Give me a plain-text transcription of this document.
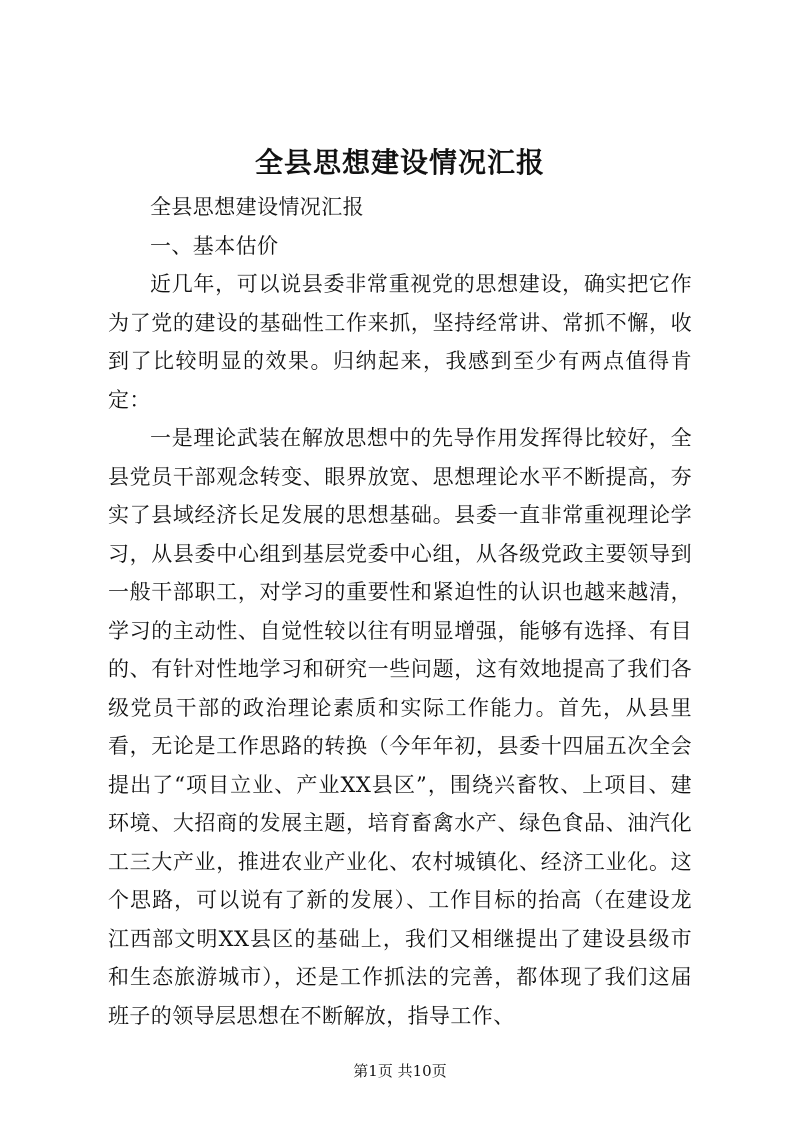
全县思想建设情况汇报

全县思想建设情况汇报

一、基本估价

近几年，可以说县委非常重视党的思想建设，确实把它作为了党的建设的基础性工作来抓，坚持经常讲、常抓不懈，收到了比较明显的效果。归纳起来，我感到至少有两点值得肯定：

一是理论武装在解放思想中的先导作用发挥得比较好，全县党员干部观念转变、眼界放宽、思想理论水平不断提高，夯实了县域经济长足发展的思想基础。县委一直非常重视理论学习，从县委中心组到基层党委中心组，从各级党政主要领导到一般干部职工，对学习的重要性和紧迫性的认识也越来越清，学习的主动性、自觉性较以往有明显增强，能够有选择、有目的、有针对性地学习和研究一些问题，这有效地提高了我们各级党员干部的政治理论素质和实际工作能力。首先，从县里看，无论是工作思路的转换（今年年初，县委十四届五次全会提出了“项目立业、产业XX县区”，围绕兴畜牧、上项目、建环境、大招商的发展主题，培育畜禽水产、绿色食品、油汽化工三大产业，推进农业产业化、农村城镇化、经济工业化。这个思路，可以说有了新的发展）、工作目标的抬高（在建设龙江西部文明XX县区的基础上，我们又相继提出了建设县级市和生态旅游城市），还是工作抓法的完善，都体现了我们这届班子的领导层思想在不断解放，指导工作、

第1页 共10页
